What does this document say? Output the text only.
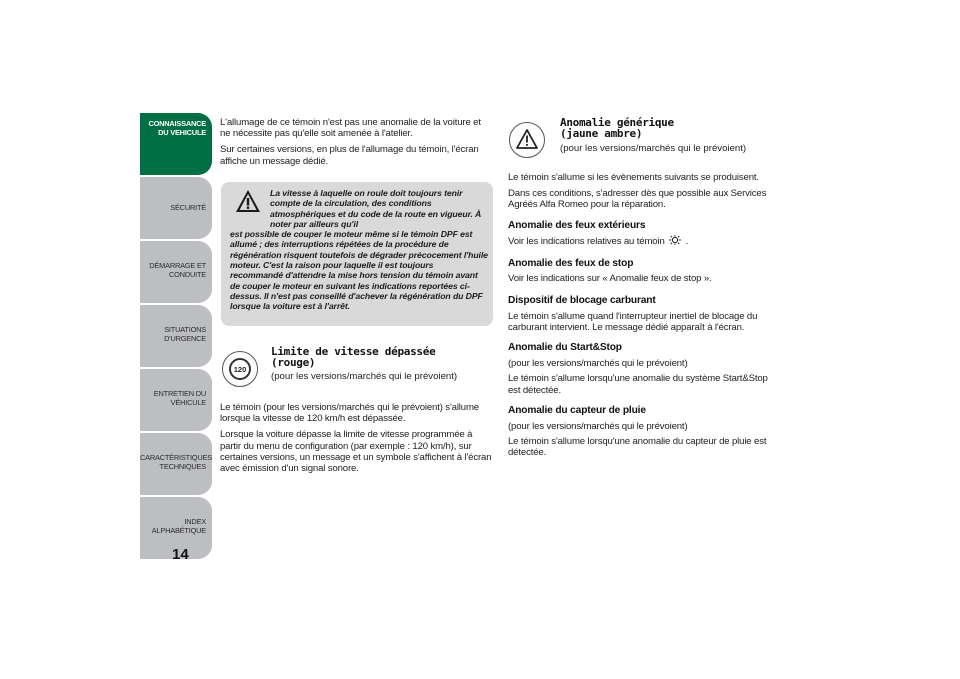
CONNAISSANCE
DU VEHICULE
SÉCURITÉ
DÉMARRAGE ET
CONDUITE
SITUATIONS
D'URGENCE
ENTRETIEN DU
VÉHICULE
CARACTÉRISTIQUES
TECHNIQUES
INDEX
ALPHABÉTIQUE
14

L'allumage de ce témoin n'est pas une anomalie de la voiture et ne nécessite pas qu'elle soit amenée à l'atelier.

Sur certaines versions, en plus de l'allumage du témoin, l'écran affiche un message dédié.

La vitesse à laquelle on roule doit toujours tenir compte de la circulation, des conditions atmosphériques et du code de la route en vigueur. À noter par ailleurs qu'il
est possible de couper le moteur même si le témoin DPF est allumé ; des interruptions répétées de la procédure de régénération risquent toutefois de dégrader précocement l'huile moteur. C'est la raison pour laquelle il est toujours recommandé d'attendre la mise hors tension du témoin avant de couper le moteur en suivant les indications reportées ci-dessus. Il n'est pas conseillé d'achever la régénération du DPF lorsque la voiture est à l'arrêt.
120
Limite de vitesse dépassée
(rouge)
(pour les versions/marchés qui le prévoient)

Le témoin (pour les versions/marchés qui le prévoient) s'allume lorsque la vitesse de 120 km/h est dépassée.

Lorsque la voiture dépasse la limite de vitesse programmée à partir du menu de configuration (par exemple : 120 km/h), sur certaines versions, un message et un symbole s'affichent à l'écran avec émission d'un signal sonore.

Anomalie générique
(jaune ambre)
(pour les versions/marchés qui le prévoient)

Le témoin s'allume si les évènements suivants se produisent.

Dans ces conditions, s'adresser dès que possible aux Services Agréés Alfa Romeo pour la réparation.

Anomalie des feux extérieurs

Voir les indications relatives au témoin .

Anomalie des feux de stop

Voir les indications sur « Anomalie feux de stop ».

Dispositif de blocage carburant

Le témoin s'allume quand l'interrupteur inertiel de blocage du carburant intervient. Le message dédié apparaît à l'écran.

Anomalie du Start&Stop

(pour les versions/marchés qui le prévoient)

Le témoin s'allume lorsqu'une anomalie du système Start&Stop est détectée.

Anomalie du capteur de pluie

(pour les versions/marchés qui le prévoient)

Le témoin s'allume lorsqu'une anomalie du capteur de pluie est détectée.
